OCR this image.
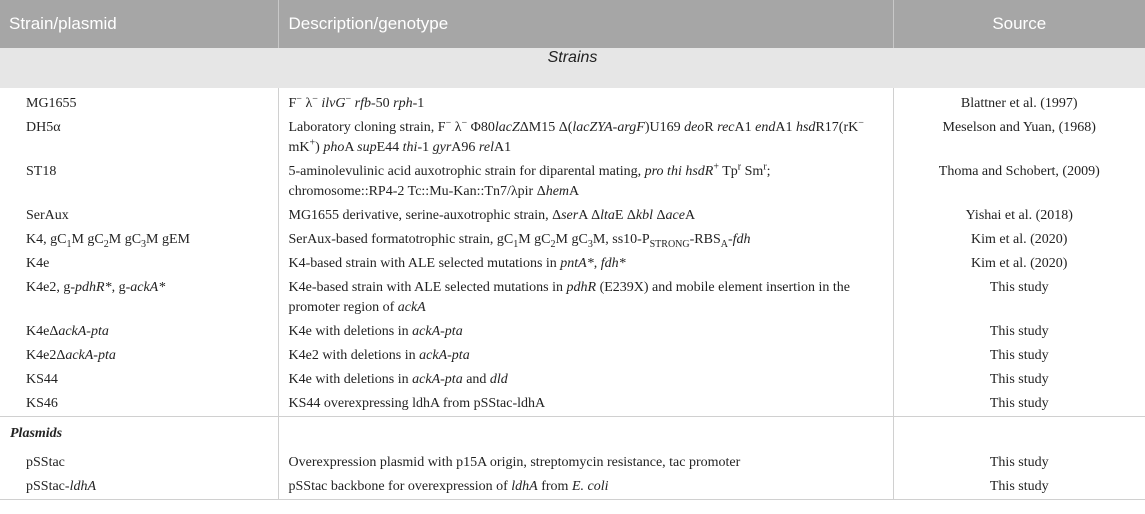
Strain/plasmid	Description/genotype	Source
Strains		
MG1655	F− λ− ilvG− rfb-50 rph-1	Blattner et al. (1997)
DH5α	Laboratory cloning strain, F− λ− Φ80lacZΔM15 Δ(lacZYA-argF)U169 deoR recA1 endA1 hsdR17(rK− mK+) phoA supE44 thi-1 gyrA96 relA1	Meselson and Yuan, (1968)
ST18	5-aminolevulinic acid auxotrophic strain for diparental mating, pro thi hsdR+ Tp$^r$ Sm$^r$; chromosome::RP4-2 Tc::Mu-Kan::Tn7/λpir ΔhemA	Thoma and Schobert, (2009)
SerAux	MG1655 derivative, serine-auxotrophic strain, ΔserA ΔltaE Δkbl ΔaceA	Yishai et al. (2018)
K4, $gC_1M$ $gC_2M$ $gC_3M$ gEM	SerAux-based formatotrophic strain, $gC_1M$ $gC_2M$ $gC_3M$, $ss10-P_{STRONG}-RBS_A$-fdh	Kim et al. (2020)
K4e	K4-based strain with ALE selected mutations in pntA*, fdh*	Kim et al. (2020)
K4e2, g-pdhR*, g-ackA*	K4e-based strain with ALE selected mutations in pdhR (E239X) and mobile element insertion in the promoter region of ackA	This study
K4eΔackA-pta	K4e with deletions in ackA-pta	This study
K4e2ΔackA-pta	K4e2 with deletions in ackA-pta	This study
KS44	K4e with deletions in ackA-pta and dld	This study
KS46	KS44 overexpressing ldhA from pSStac-ldhA	This study
Plasmids		
pSStac	Overexpression plasmid with p15A origin, streptomycin resistance, tac promoter	This study
pSStac-ldhA	pSStac backbone for overexpression of ldhA from E. coli	This study
